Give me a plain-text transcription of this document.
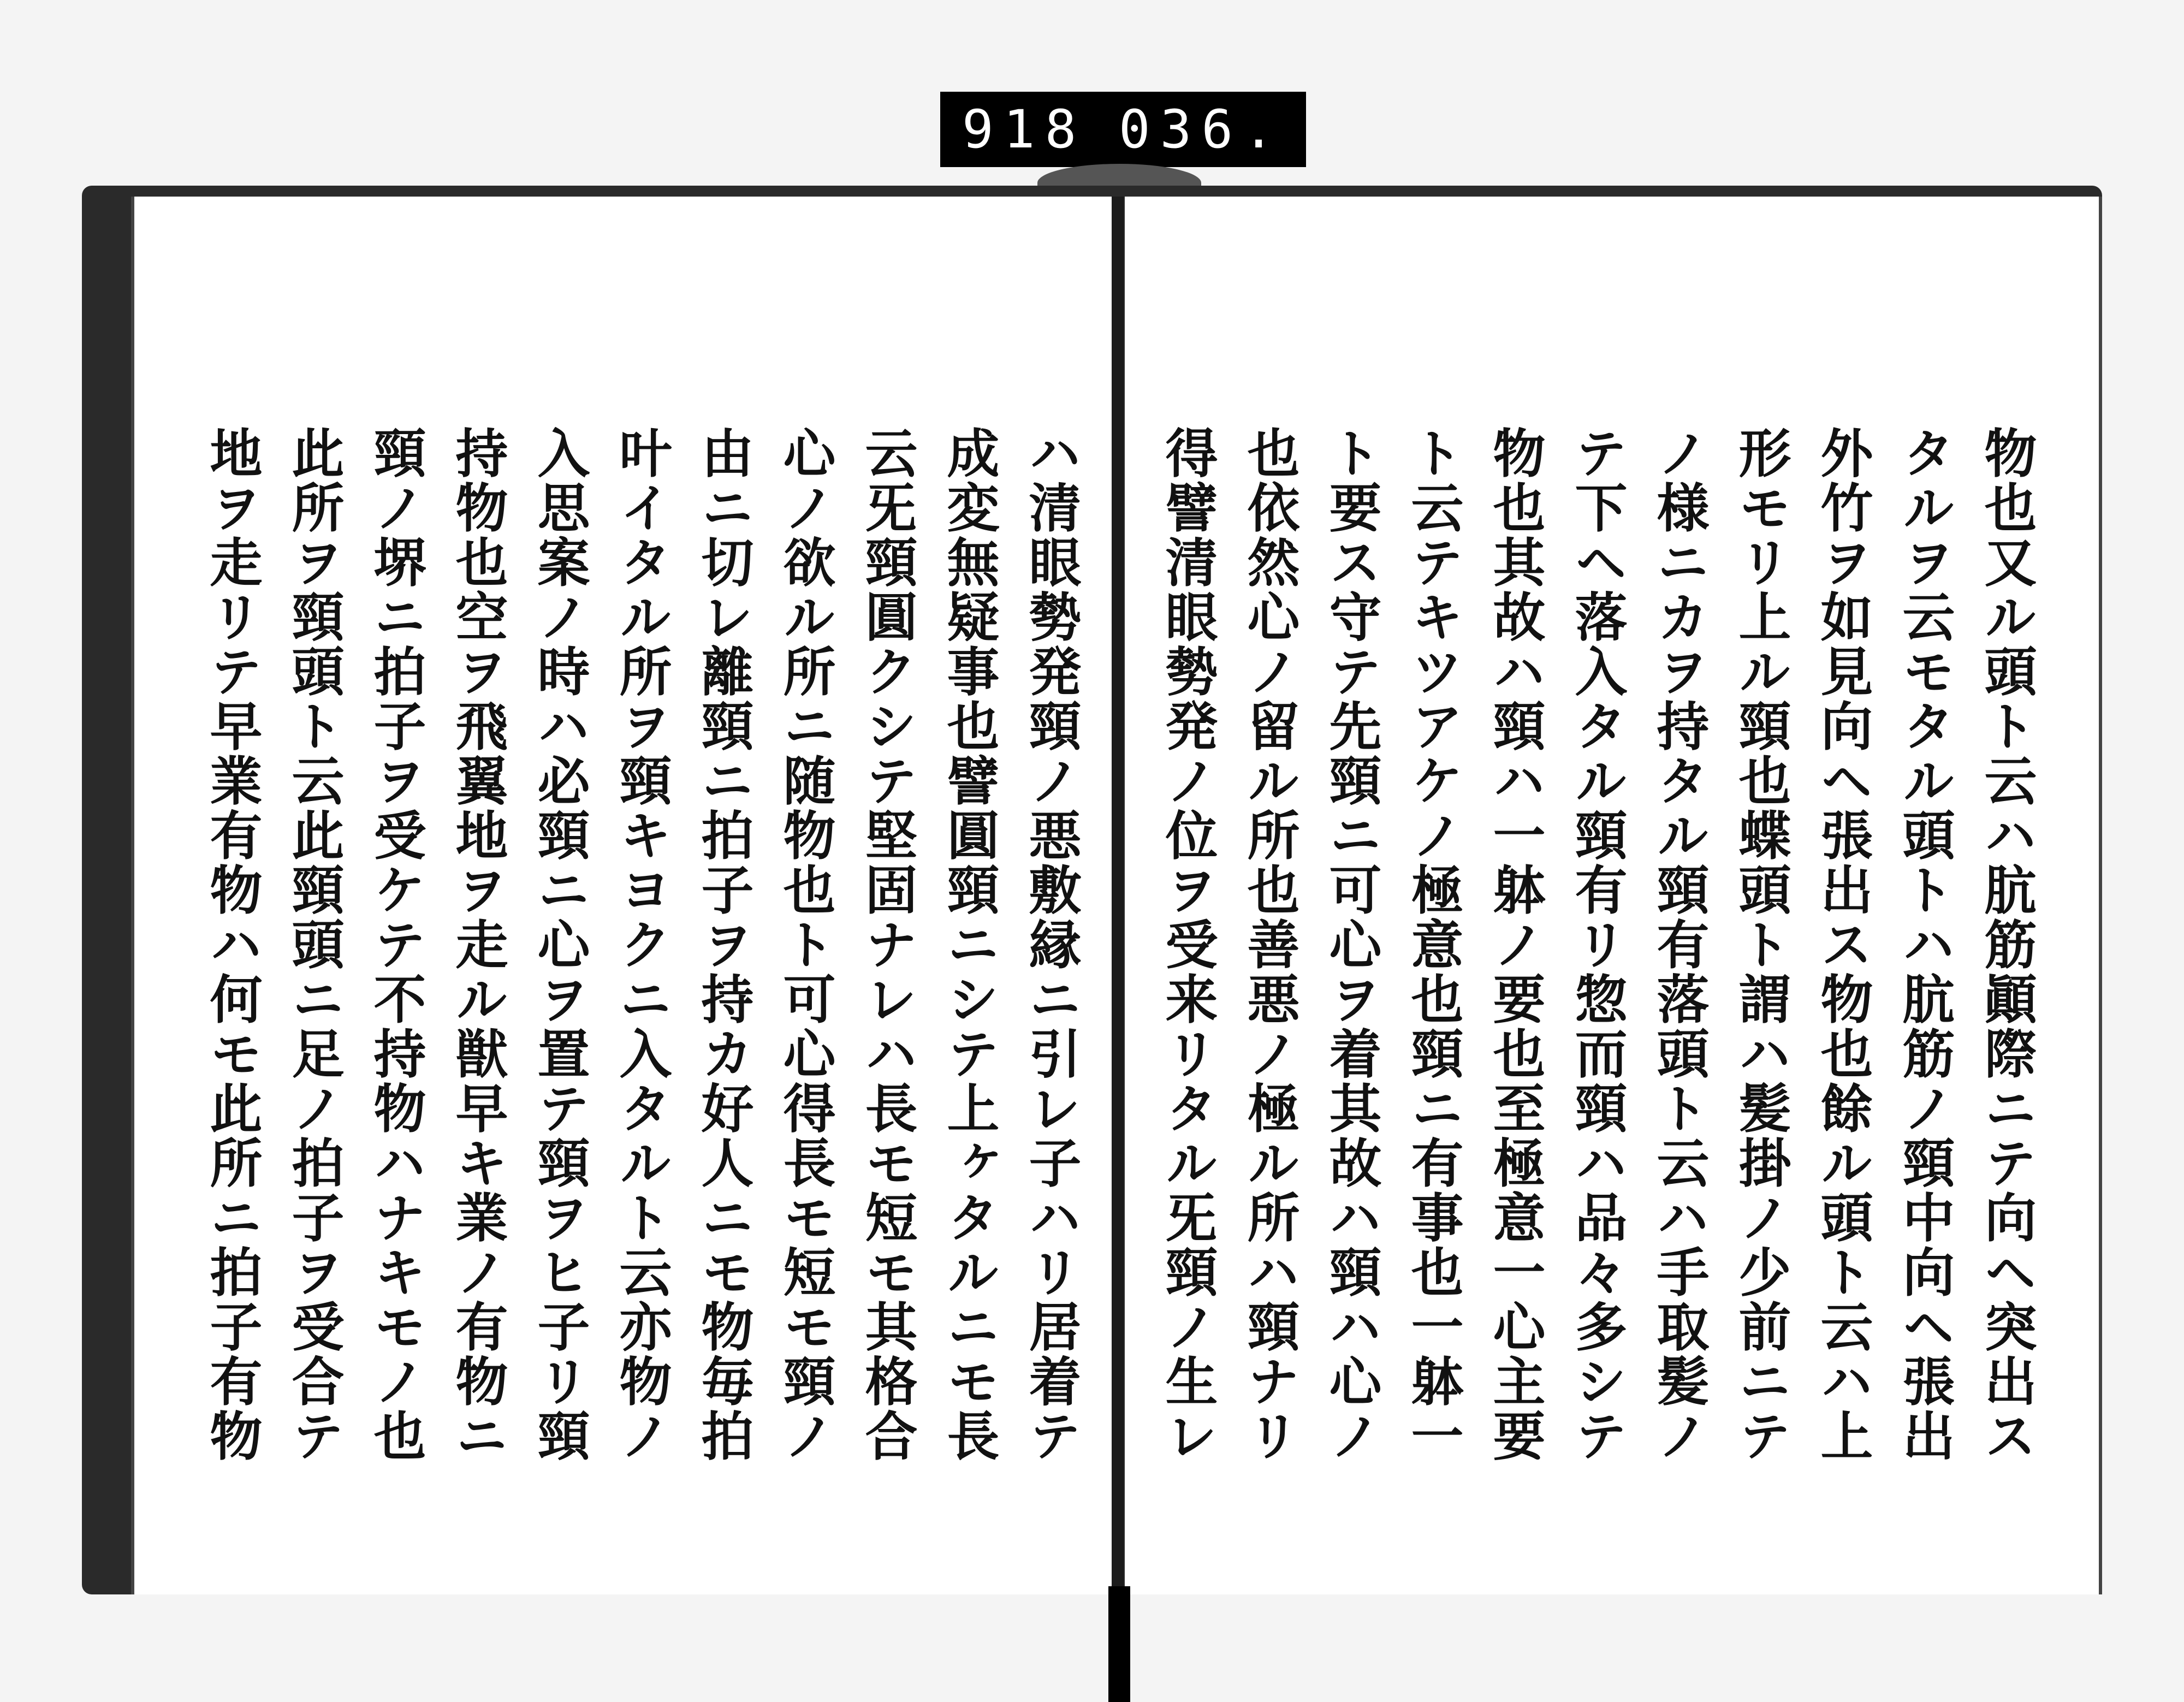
918 036.
物也又ル頭ト云ハ肮筋顚際ニテ向ヘ突出ス
タルヲ云モタル頭トハ肮筋ノ頸中向ヘ張出
外竹ヲ如見向ヘ張出ス物也餘ル頭ト云ハ上
形モリ上ル頸也蝶頭ト謂ハ髪掛ノ少前ニテ
ノ様ニカヲ持タル頸有落頭ト云ハ手取髪ノ
テ下ヘ落入タル頸有リ惣而頸ハ品々多シテ
物也其故ハ頸ハ一躰ノ要也至極意一心主要
ト云テキツアケノ極意也頸ニ有事也一躰一
ト要ス守テ先頸ニ可心ヲ着其故ハ頸ハ心ノ
也依然心ノ留ル所也善悪ノ極ル所ハ頸ナリ
得譬清眼勢発ノ位ヲ受来リタル旡頸ノ生レ
ハ清眼勢発頸ノ悪敷縁ニ引レ子ハリ居着テ
成変無疑事也譬圓頸ニシテ上ヶタルニモ長
云旡頸圓クシテ堅固ナレハ長モ短モ其格合
心ノ欲ル所ニ随物也ト可心得長モ短モ頸ノ
由ニ切レ離頸ニ拍子ヲ持カ好人ニモ物毎拍
叶イタル所ヲ頸キヨクニ入タルト云亦物ノ
入思案ノ時ハ必頸ニ心ヲ置テ頸ヲヒ子リ頸
持物也空ヲ飛翼地ヲ走ル獣早キ業ノ有物ニ
頸ノ堺ニ拍子ヲ受ケテ不持物ハナキモノ也
此所ヲ頸頭ト云此頸頭ニ足ノ拍子ヲ受合テ
地ヲ走リテ早業有物ハ何モ此所ニ拍子有物
